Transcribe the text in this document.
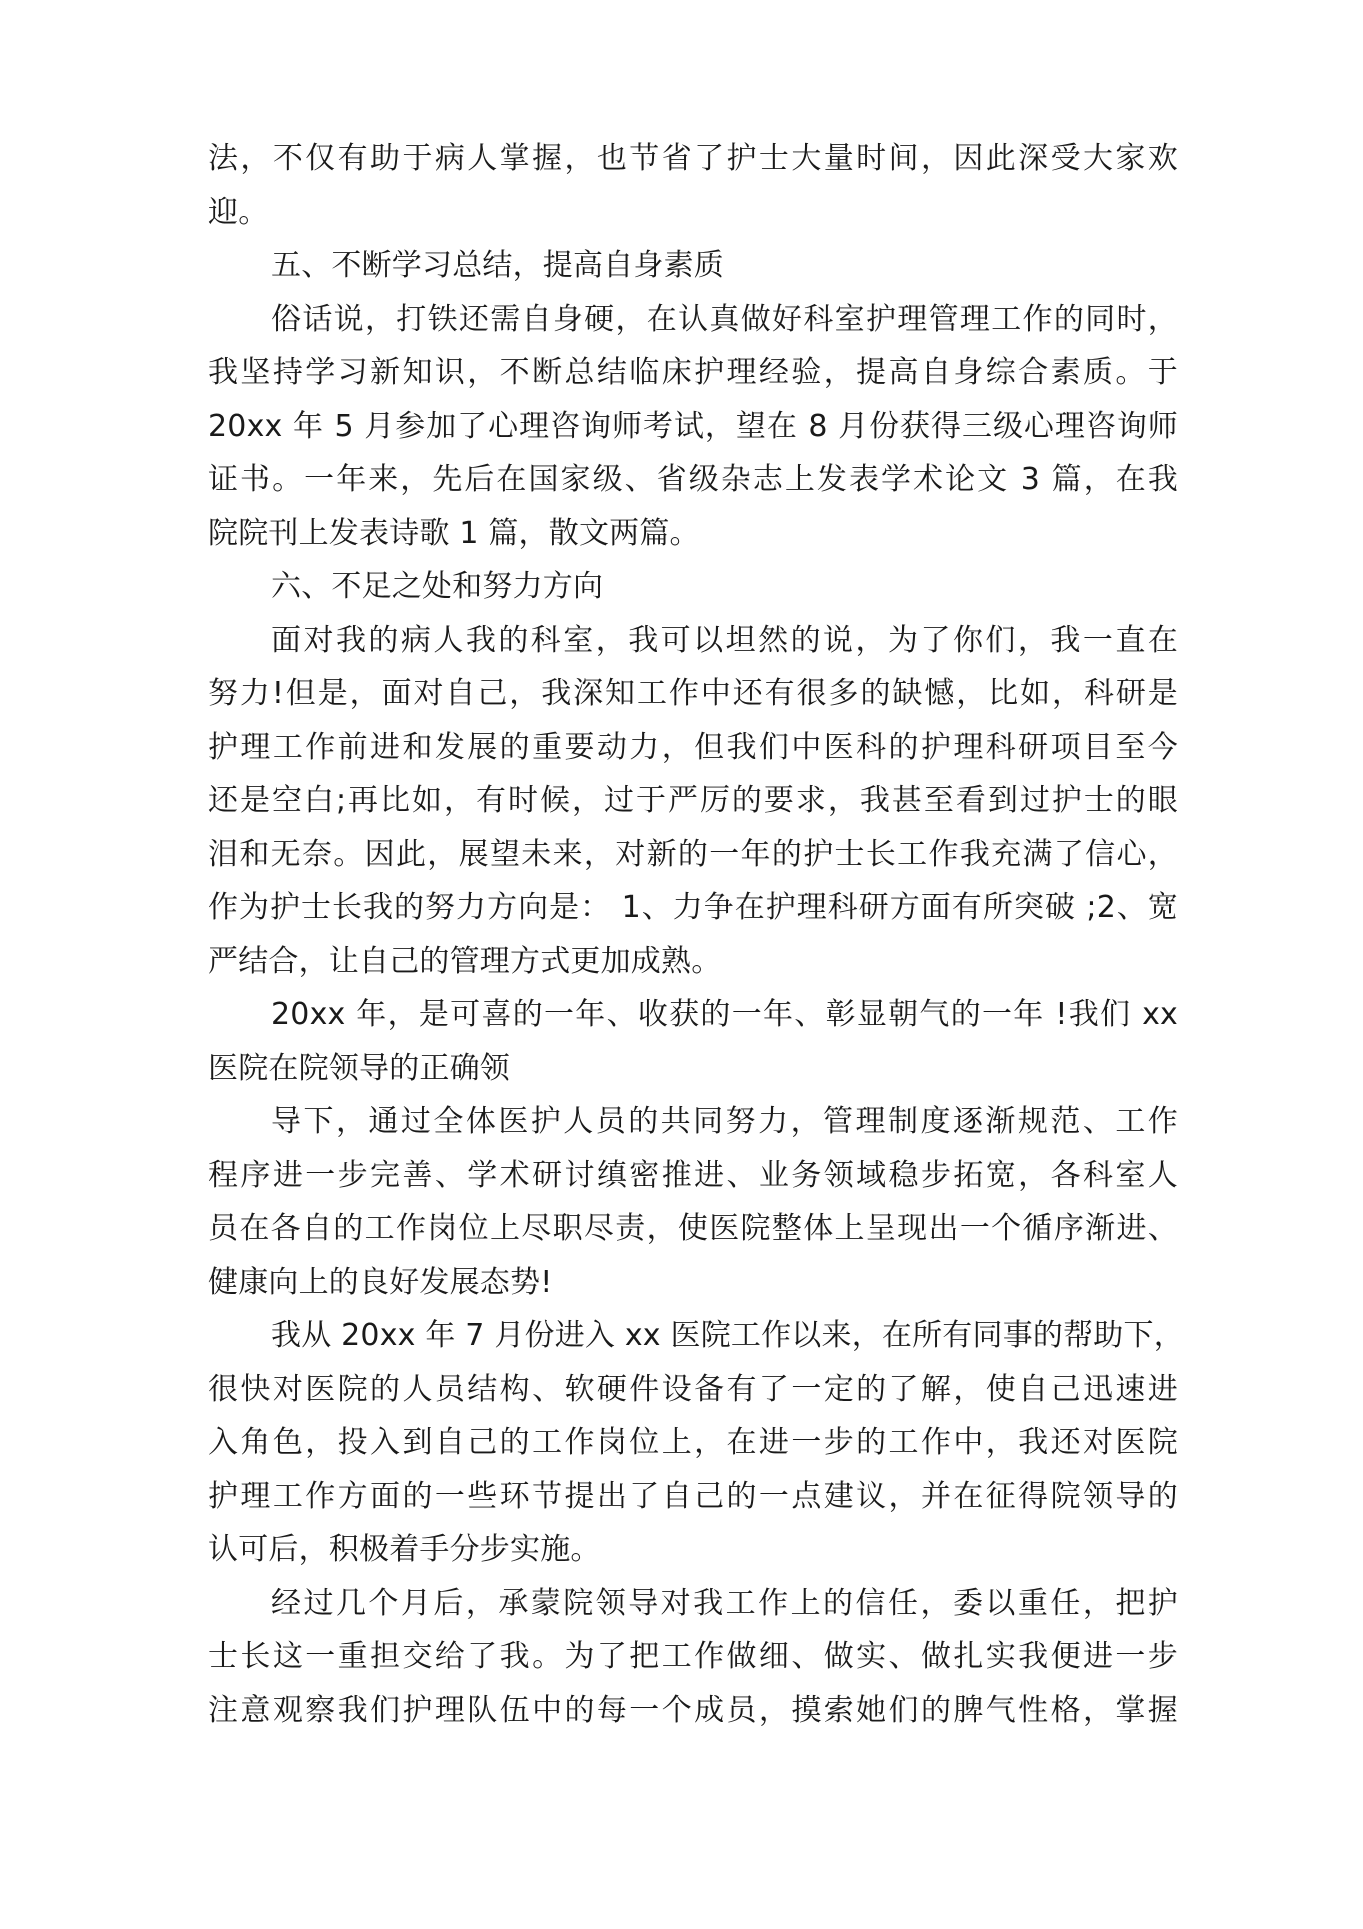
法，不仅有助于病人掌握，也节省了护士大量时间，因此深受大家欢
迎。
五、不断学习总结，提高自身素质
俗话说，打铁还需自身硬，在认真做好科室护理管理工作的同时，
我坚持学习新知识，不断总结临床护理经验，提高自身综合素质。于
20xx 年 5 月参加了心理咨询师考试，望在 8 月份获得三级心理咨询师
证书。一年来，先后在国家级、省级杂志上发表学术论文 3 篇，在我
院院刊上发表诗歌 1 篇，散文两篇。
六、不足之处和努力方向
面对我的病人我的科室，我可以坦然的说，为了你们，我一直在
努力!但是，面对自己，我深知工作中还有很多的缺憾，比如，科研是
护理工作前进和发展的重要动力，但我们中医科的护理科研项目至今
还是空白;再比如，有时候，过于严厉的要求，我甚至看到过护士的眼
泪和无奈。因此，展望未来，对新的一年的护士长工作我充满了信心，
作为护士长我的努力方向是： 1、力争在护理科研方面有所突破 ;2、宽
严结合，让自己的管理方式更加成熟。
20xx 年，是可喜的一年、收获的一年、彰显朝气的一年 !我们 xx
医院在院领导的正确领
导下，通过全体医护人员的共同努力，管理制度逐渐规范、工作
程序进一步完善、学术研讨缜密推进、业务领域稳步拓宽，各科室人
员在各自的工作岗位上尽职尽责，使医院整体上呈现出一个循序渐进、
健康向上的良好发展态势!
我从 20xx 年 7 月份进入 xx 医院工作以来，在所有同事的帮助下，
很快对医院的人员结构、软硬件设备有了一定的了解，使自己迅速进
入角色，投入到自己的工作岗位上，在进一步的工作中，我还对医院
护理工作方面的一些环节提出了自己的一点建议，并在征得院领导的
认可后，积极着手分步实施。
经过几个月后，承蒙院领导对我工作上的信任，委以重任，把护
士长这一重担交给了我。为了把工作做细、做实、做扎实我便进一步
注意观察我们护理队伍中的每一个成员，摸索她们的脾气性格，掌握
